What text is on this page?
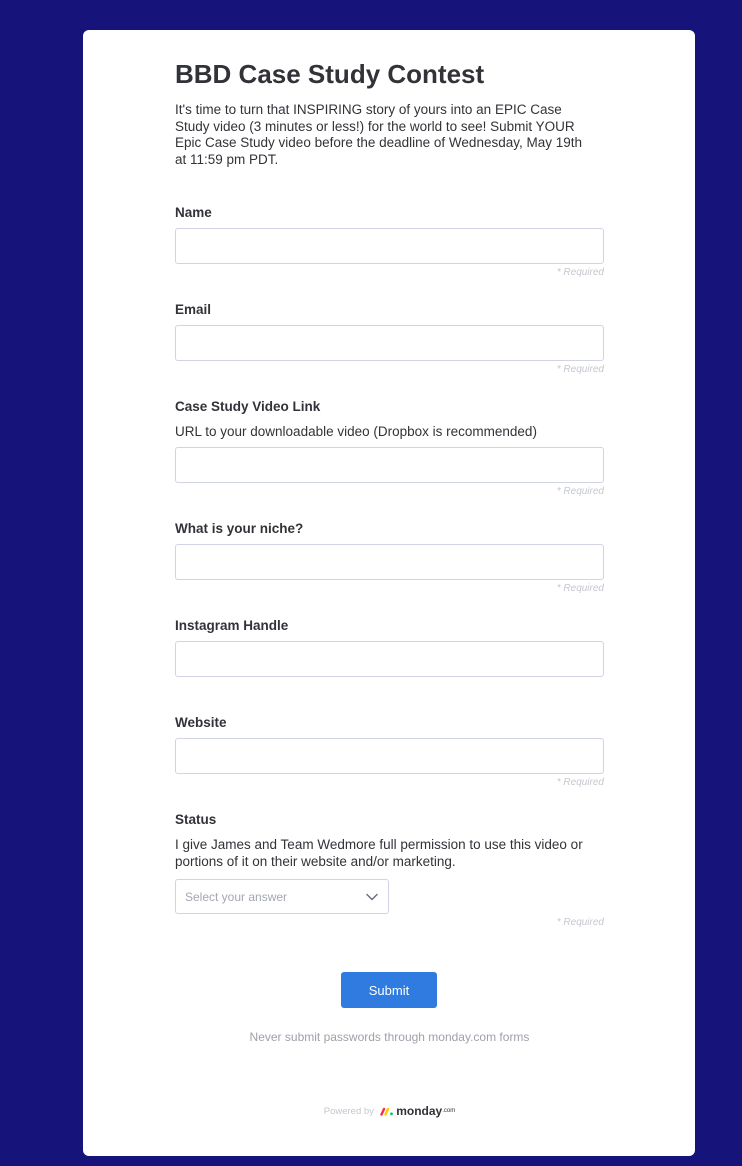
BBD Case Study Contest

It's time to turn that INSPIRING story of yours into an EPIC Case Study video (3 minutes or less!) for the world to see! Submit YOUR Epic Case Study video before the deadline of Wednesday, May 19th at 11:59 pm PDT.

Name

* Required

Email

* Required

Case Study Video Link

URL to your downloadable video (Dropbox is recommended)

* Required

What is your niche?

* Required

Instagram Handle

Website

* Required

Status

I give James and Team Wedmore full permission to use this video or portions of it on their website and/or marketing.

Select your answer

* Required

Submit

Never submit passwords through monday.com forms

Powered by monday.com
